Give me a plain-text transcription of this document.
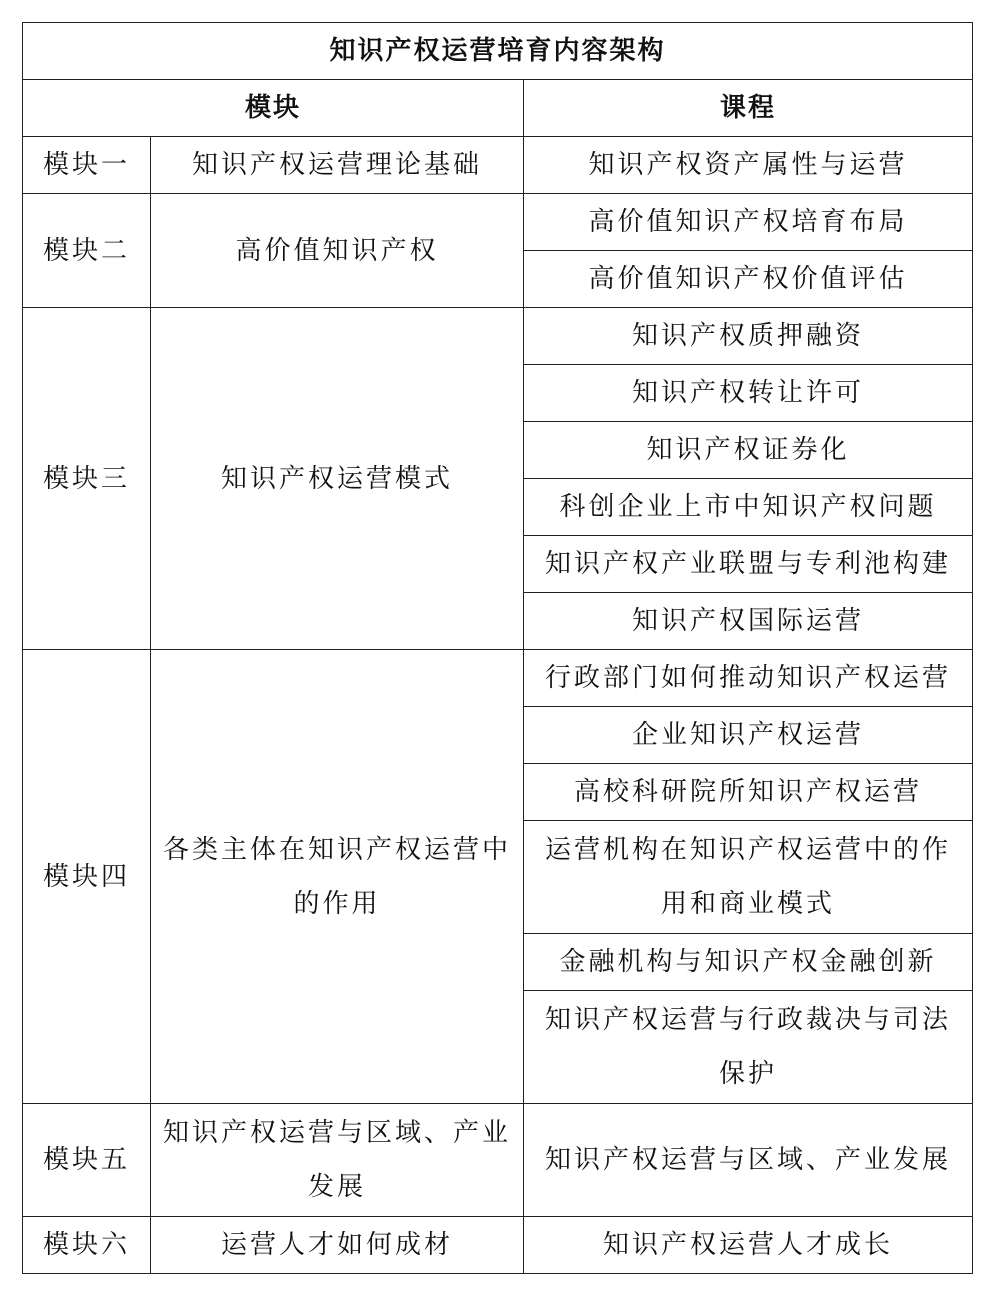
知识产权运营培育内容架构		
模块		课程
模块一	知识产权运营理论基础	知识产权资产属性与运营
模块二	高价值知识产权	高价值知识产权培育布局
		高价值知识产权价值评估
模块三	知识产权运营模式	知识产权质押融资
		知识产权转让许可
		知识产权证券化
		科创企业上市中知识产权问题
		知识产权产业联盟与专利池构建
		知识产权国际运营
模块四	各类主体在知识产权运营中的作用	行政部门如何推动知识产权运营
		企业知识产权运营
		高校科研院所知识产权运营
		运营机构在知识产权运营中的作用和商业模式
		金融机构与知识产权金融创新
		知识产权运营与行政裁决与司法保护
模块五	知识产权运营与区域、产业发展	知识产权运营与区域、产业发展
模块六	运营人才如何成材	知识产权运营人才成长
